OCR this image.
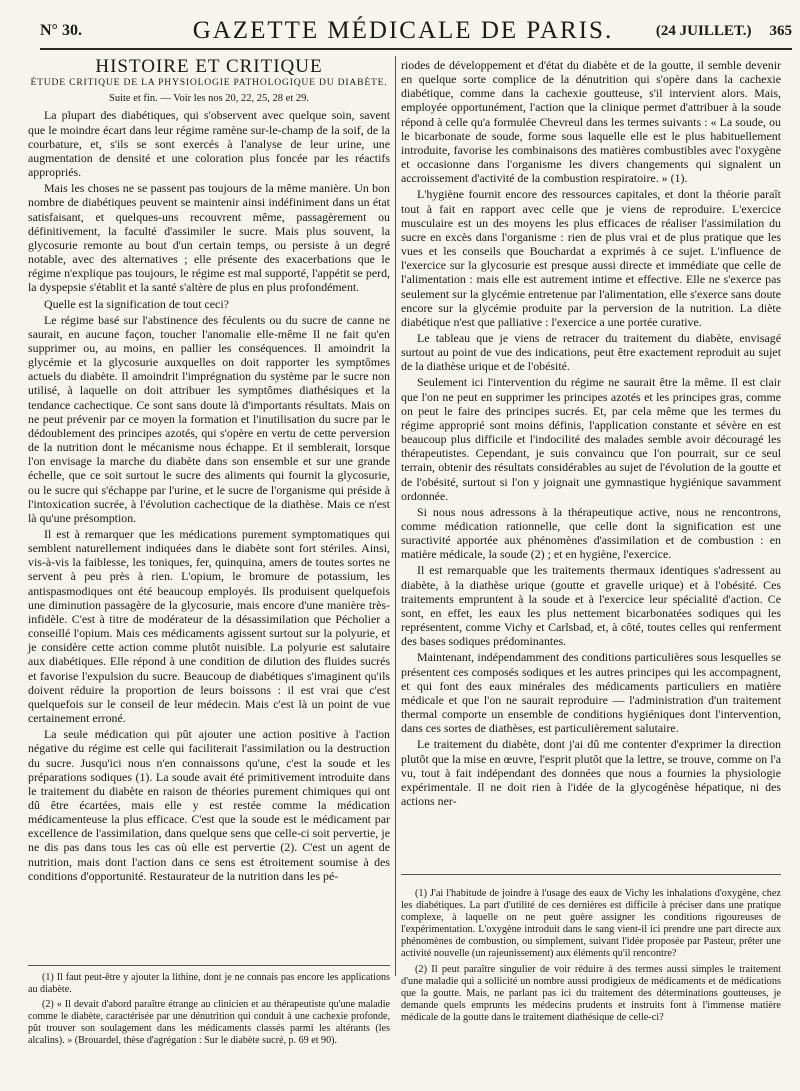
N° 30.	GAZETTE MÉDICALE DE PARIS.	(24 JUILLET.) 365

HISTOIRE ET CRITIQUE

ÉTUDE CRITIQUE DE LA PHYSIOLOGIE PATHOLOGIQUE DU DIABÈTE.

Suite et fin. — Voir les nos 20, 22, 25, 28 et 29.

La plupart des diabétiques, qui s'observent avec quelque soin, savent que le moindre écart dans leur régime ramène sur-le-champ de la soif, de la courbature, et, s'ils se sont exercés à l'analyse de leur urine, une augmentation de densité et une coloration plus foncée par les réactifs appropriés.

Mais les choses ne se passent pas toujours de la même manière. Un bon nombre de diabétiques peuvent se maintenir ainsi indéfiniment dans un état satisfaisant, et quelques-uns recouvrent même, passagèrement ou définitivement, la faculté d'assimiler le sucre. Mais plus souvent, la glycosurie remonte au bout d'un certain temps, ou persiste à un degré notable, avec des alternatives ; elle présente des exacerbations que le régime n'explique pas toujours, le régime est mal supporté, l'appétit se perd, la dyspepsie s'établit et la santé s'altère de plus en plus profondément.

Quelle est la signification de tout ceci?

Le régime basé sur l'abstinence des féculents ou du sucre de canne ne saurait, en aucune façon, toucher l'anomalie elle-même Il ne fait qu'en supprimer ou, au moins, en pallier les conséquences. Il amoindrit la glycémie et la glycosurie auxquelles on doit rapporter les symptômes actuels du diabète. Il amoindrit l'imprégnation du système par le sucre non utilisé, à laquelle on doit attribuer les symptômes diathésiques et la tendance cachectique. Ce sont sans doute là d'importants résultats. Mais on ne peut prévenir par ce moyen la formation et l'inutilisation du sucre par le dédoublement des principes azotés, qui s'opère en vertu de cette perversion de la nutrition dont le mécanisme nous échappe. Et il semblerait, lorsque l'on envisage la marche du diabète dans son ensemble et sur une grande échelle, que ce soit surtout le sucre des aliments qui fournit la glycosurie, ou le sucre qui s'échappe par l'urine, et le sucre de l'organisme qui préside à l'intoxication sucrée, à l'évolution cachectique de la diathèse. Mais ce n'est là qu'une présomption.

Il est à remarquer que les médications purement symptomatiques qui semblent naturellement indiquées dans le diabète sont fort stériles. Ainsi, vis-à-vis la faiblesse, les toniques, fer, quinquina, amers de toutes sortes ne servent à peu près à rien. L'opium, le bromure de potassium, les antispasmodiques ont été beaucoup employés. Ils produisent quelquefois une diminution passagère de la glycosurie, mais encore d'une manière très-infidèle. C'est à titre de modérateur de la désassimilation que Pécholier a conseillé l'opium. Mais ces médicaments agissent surtout sur la polyurie, et je considère cette action comme plutôt nuisible. La polyurie est salutaire aux diabétiques. Elle répond à une condition de dilution des fluides sucrés et favorise l'expulsion du sucre. Beaucoup de diabétiques s'imaginent qu'ils doivent réduire la proportion de leurs boissons : il est vrai que c'est quelquefois sur le conseil de leur médecin. Mais c'est là un point de vue certainement erroné.

La seule médication qui pût ajouter une action positive à l'action négative du régime est celle qui faciliterait l'assimilation ou la destruction du sucre. Jusqu'ici nous n'en connaissons qu'une, c'est la soude et les préparations sodiques (1). La soude avait été primitivement introduite dans le traitement du diabète en raison de théories purement chimiques qui ont dû être écartées, mais elle y est restée comme la médication médicamenteuse la plus efficace. C'est que la soude est le médicament par excellence de l'assimilation, dans quelque sens que celle-ci soit pervertie, je ne dis pas dans tous les cas où elle est pervertie (2). C'est un agent de nutrition, mais dont l'action dans ce sens est étroitement soumise à des conditions d'opportunité. Restaurateur de la nutrition dans les pé-

riodes de développement et d'état du diabète et de la goutte, il semble devenir en quelque sorte complice de la dénutrition qui s'opère dans la cachexie diabétique, comme dans la cachexie goutteuse, s'il intervient alors. Mais, employée opportunément, l'action que la clinique permet d'attribuer à la soude répond à celle qu'a formulée Chevreul dans les termes suivants : « La soude, ou le bicarbonate de soude, forme sous laquelle elle est le plus habituellement introduite, favorise les combinaisons des matières combustibles avec l'oxygène et occasionne dans l'organisme les divers changements qui signalent un accroissement d'activité de la combustion respiratoire. » (1).

L'hygiène fournit encore des ressources capitales, et dont la théorie paraît tout à fait en rapport avec celle que je viens de reproduire. L'exercice musculaire est un des moyens les plus efficaces de réaliser l'assimilation du sucre en excès dans l'organisme : rien de plus vrai et de plus pratique que les vues et les conseils que Bouchardat a exprimés à ce sujet. L'influence de l'exercice sur la glycosurie est presque aussi directe et immédiate que celle de l'alimentation : mais elle est autrement intime et effective. Elle ne s'exerce pas seulement sur la glycémie entretenue par l'alimentation, elle s'exerce sans doute encore sur la glycémie produite par la perversion de la nutrition. La diète diabétique n'est que palliative : l'exercice a une portée curative.

Le tableau que je viens de retracer du traitement du diabète, envisagé surtout au point de vue des indications, peut être exactement reproduit au sujet de la diathèse urique et de l'obésité.

Seulement ici l'intervention du régime ne saurait être la même. Il est clair que l'on ne peut en supprimer les principes azotés et les principes gras, comme on peut le faire des principes sucrés. Et, par cela même que les termes du régime approprié sont moins définis, l'application constante et sévère en est beaucoup plus difficile et l'indocilité des malades semble avoir découragé les thérapeutistes. Cependant, je suis convaincu que l'on pourrait, sur ce seul terrain, obtenir des résultats considérables au sujet de l'évolution de la goutte et de l'obésité, surtout si l'on y joignait une gymnastique hygiénique savamment ordonnée.

Si nous nous adressons à la thérapeutique active, nous ne rencontrons, comme médication rationnelle, que celle dont la signification est une suractivité apportée aux phénomènes d'assimilation et de combustion : en matière médicale, la soude (2) ; et en hygiène, l'exercice.

Il est remarquable que les traitements thermaux identiques s'adressent au diabète, à la diathèse urique (goutte et gravelle urique) et à l'obésité. Ces traitements empruntent à la soude et à l'exercice leur spécialité d'action. Ce sont, en effet, les eaux les plus nettement bicarbonatées sodiques qui les représentent, comme Vichy et Carlsbad, et, à côté, toutes celles qui renferment des bases sodiques prédominantes.

Maintenant, indépendamment des conditions particulières sous lesquelles se présentent ces composés sodiques et les autres principes qui les accompagnent, et qui font des eaux minérales des médicaments particuliers en matière médicale et que l'on ne saurait reproduire — l'administration d'un traitement thermal comporte un ensemble de conditions hygiéniques dont l'intervention, dans ces sortes de diathèses, est particulièrement salutaire.

Le traitement du diabète, dont j'ai dû me contenter d'exprimer la direction plutôt que la mise en œuvre, l'esprit plutôt que la lettre, se trouve, comme on l'a vu, tout à fait indépendant des données que nous a fournies la physiologie expérimentale. Il ne doit rien à l'idée de la glycogénèse hépatique, ni des actions ner-

(1) Il faut peut-être y ajouter la lithine, dont je ne connais pas encore les applications au diabète.

(2) « Il devait d'abord paraître étrange au clinicien et au thérapeutiste qu'une maladie comme le diabète, caractérisée par une dénutrition qui conduit à une cachexie profonde, pût trouver son soulagement dans les médicaments classés parmi les altérants (les alcalins). » (Brouardel, thèse d'agrégation : Sur le diabète sucré, p. 69 et 90).

(1) J'ai l'habitude de joindre à l'usage des eaux de Vichy les inhalations d'oxygène, chez les diabétiques. La part d'utilité de ces dernières est difficile à préciser dans une pratique complexe, à laquelle on ne peut guère assigner les conditions rigoureuses de l'expérimentation. L'oxygène introduit dans le sang vient-il ici prendre une part directe aux phénomènes de combustion, ou simplement, suivant l'idée proposée par Pasteur, prêter une activité nouvelle (un rajeunissement) aux éléments qu'il rencontre?

(2) Il peut paraître singulier de voir réduire à des termes aussi simples le traitement d'une maladie qui a sollicité un nombre aussi prodigieux de médicaments et de médications que la goutte. Mais, ne parlant pas ici du traitement des déterminations goutteuses, je demande quels emprunts les médecins prudents et instruits font à l'immense matière médicale de la goutte dans le traitement diathésique de celle-ci?
